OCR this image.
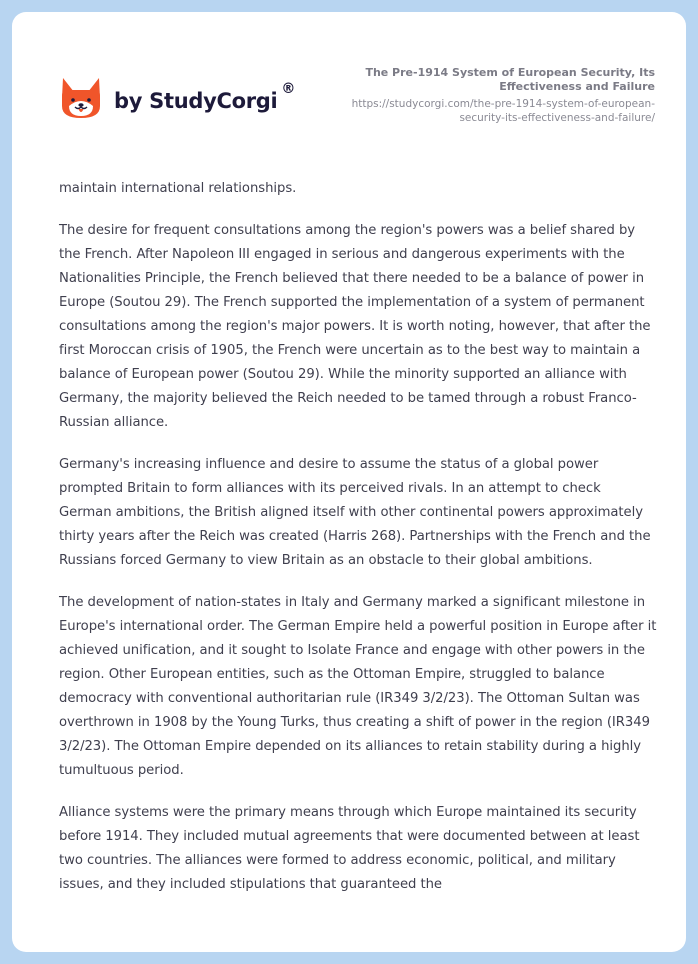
by StudyCorgi ®
The Pre-1914 System of European Security, Its Effectiveness and Failure
https://studycorgi.com/the-pre-1914-system-of-european-security-its-effectiveness-and-failure/

maintain international relationships.

The desire for frequent consultations among the region's powers was a belief shared by the French. After Napoleon III engaged in serious and dangerous experiments with the Nationalities Principle, the French believed that there needed to be a balance of power in Europe (Soutou 29). The French supported the implementation of a system of permanent consultations among the region's major powers. It is worth noting, however, that after the first Moroccan crisis of 1905, the French were uncertain as to the best way to maintain a balance of European power (Soutou 29). While the minority supported an alliance with Germany, the majority believed the Reich needed to be tamed through a robust Franco-Russian alliance.

Germany's increasing influence and desire to assume the status of a global power prompted Britain to form alliances with its perceived rivals. In an attempt to check German ambitions, the British aligned itself with other continental powers approximately thirty years after the Reich was created (Harris 268). Partnerships with the French and the Russians forced Germany to view Britain as an obstacle to their global ambitions.

The development of nation-states in Italy and Germany marked a significant milestone in Europe's international order. The German Empire held a powerful position in Europe after it achieved unification, and it sought to Isolate France and engage with other powers in the region. Other European entities, such as the Ottoman Empire, struggled to balance democracy with conventional authoritarian rule (IR349 3/2/23). The Ottoman Sultan was overthrown in 1908 by the Young Turks, thus creating a shift of power in the region (IR349 3/2/23). The Ottoman Empire depended on its alliances to retain stability during a highly tumultuous period.

Alliance systems were the primary means through which Europe maintained its security before 1914. They included mutual agreements that were documented between at least two countries. The alliances were formed to address economic, political, and military issues, and they included stipulations that guaranteed the
